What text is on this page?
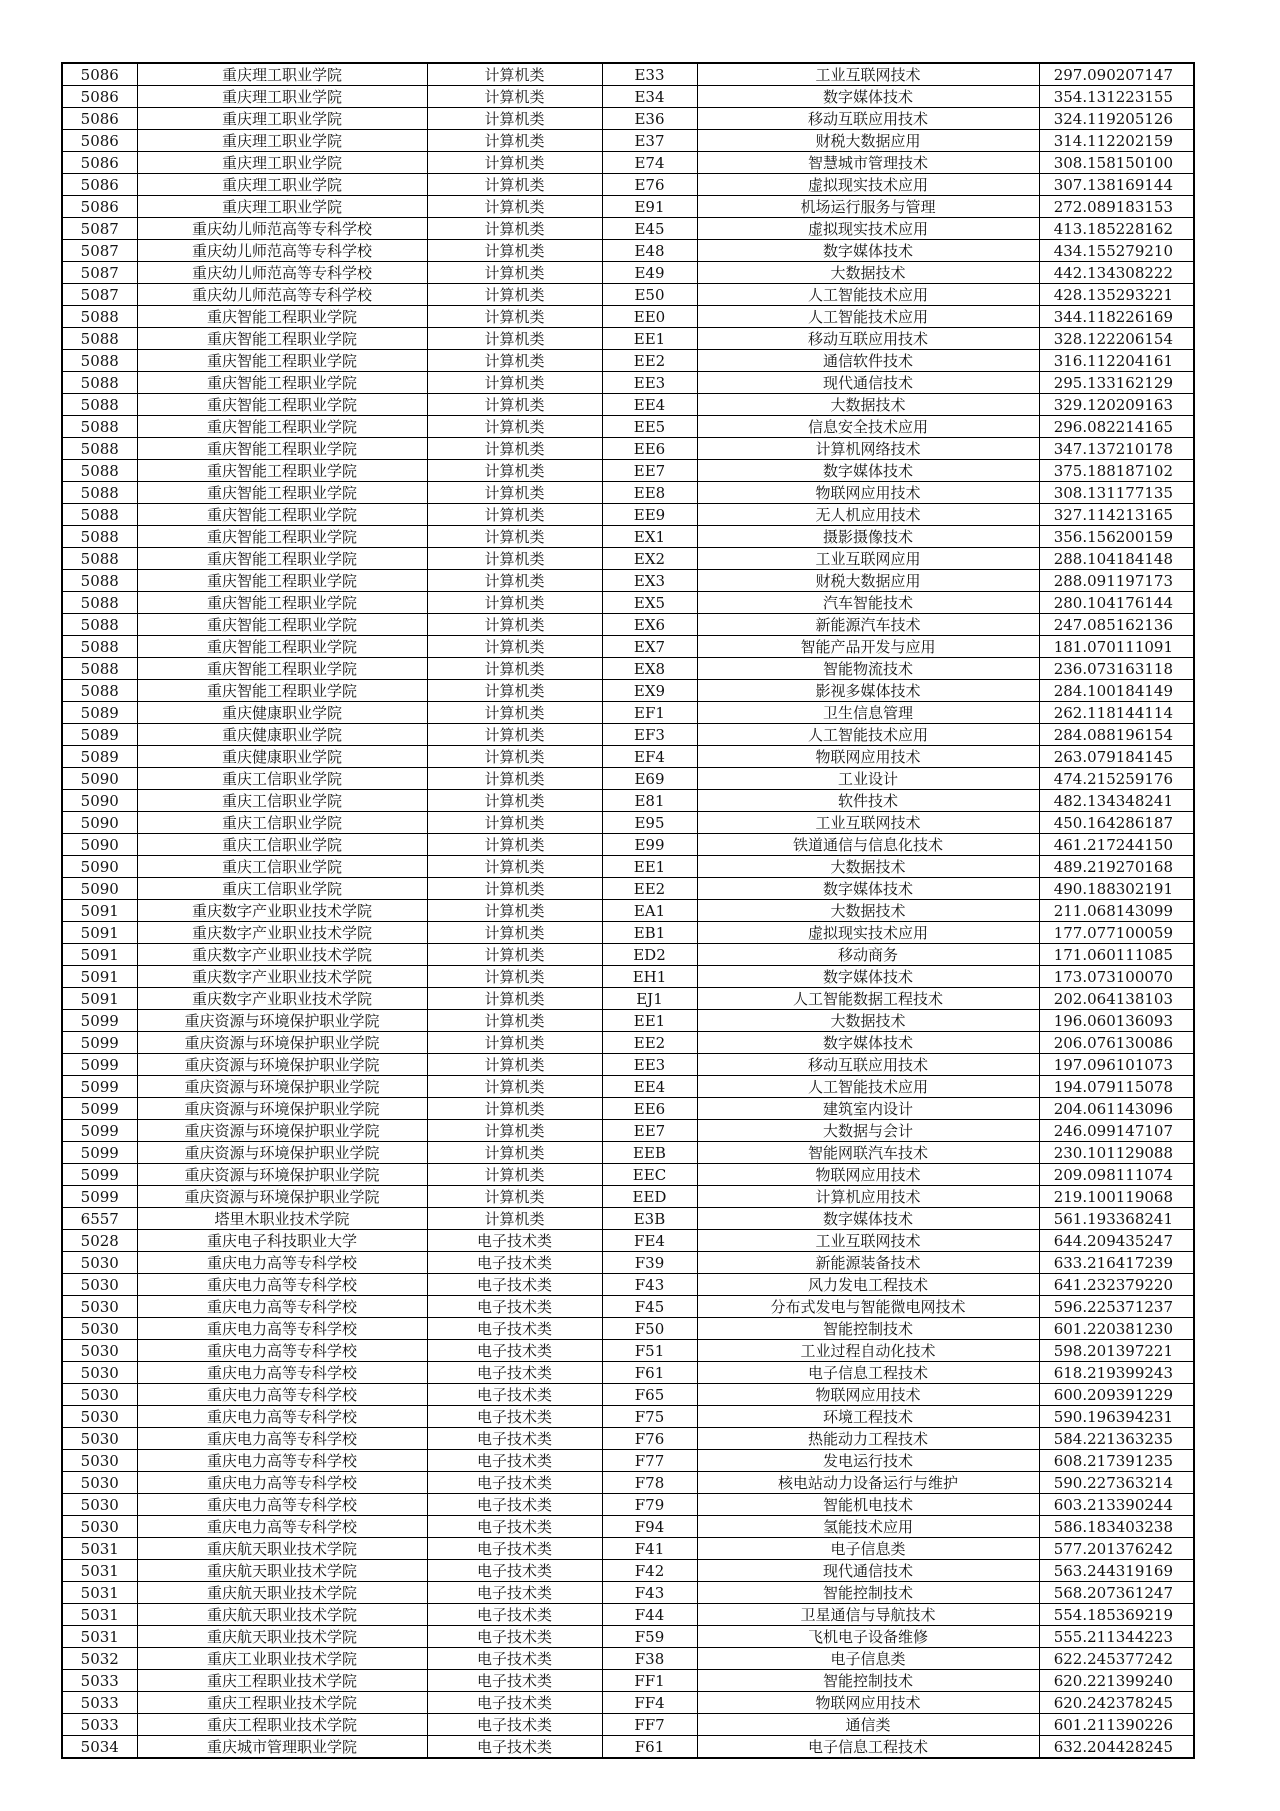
5086	重庆理工职业学院	计算机类	E33	工业互联网技术	297.090207147
5086	重庆理工职业学院	计算机类	E34	数字媒体技术	354.131223155
5086	重庆理工职业学院	计算机类	E36	移动互联应用技术	324.119205126
5086	重庆理工职业学院	计算机类	E37	财税大数据应用	314.112202159
5086	重庆理工职业学院	计算机类	E74	智慧城市管理技术	308.158150100
5086	重庆理工职业学院	计算机类	E76	虚拟现实技术应用	307.138169144
5086	重庆理工职业学院	计算机类	E91	机场运行服务与管理	272.089183153
5087	重庆幼儿师范高等专科学校	计算机类	E45	虚拟现实技术应用	413.185228162
5087	重庆幼儿师范高等专科学校	计算机类	E48	数字媒体技术	434.155279210
5087	重庆幼儿师范高等专科学校	计算机类	E49	大数据技术	442.134308222
5087	重庆幼儿师范高等专科学校	计算机类	E50	人工智能技术应用	428.135293221
5088	重庆智能工程职业学院	计算机类	EE0	人工智能技术应用	344.118226169
5088	重庆智能工程职业学院	计算机类	EE1	移动互联应用技术	328.122206154
5088	重庆智能工程职业学院	计算机类	EE2	通信软件技术	316.112204161
5088	重庆智能工程职业学院	计算机类	EE3	现代通信技术	295.133162129
5088	重庆智能工程职业学院	计算机类	EE4	大数据技术	329.120209163
5088	重庆智能工程职业学院	计算机类	EE5	信息安全技术应用	296.082214165
5088	重庆智能工程职业学院	计算机类	EE6	计算机网络技术	347.137210178
5088	重庆智能工程职业学院	计算机类	EE7	数字媒体技术	375.188187102
5088	重庆智能工程职业学院	计算机类	EE8	物联网应用技术	308.131177135
5088	重庆智能工程职业学院	计算机类	EE9	无人机应用技术	327.114213165
5088	重庆智能工程职业学院	计算机类	EX1	摄影摄像技术	356.156200159
5088	重庆智能工程职业学院	计算机类	EX2	工业互联网应用	288.104184148
5088	重庆智能工程职业学院	计算机类	EX3	财税大数据应用	288.091197173
5088	重庆智能工程职业学院	计算机类	EX5	汽车智能技术	280.104176144
5088	重庆智能工程职业学院	计算机类	EX6	新能源汽车技术	247.085162136
5088	重庆智能工程职业学院	计算机类	EX7	智能产品开发与应用	181.070111091
5088	重庆智能工程职业学院	计算机类	EX8	智能物流技术	236.073163118
5088	重庆智能工程职业学院	计算机类	EX9	影视多媒体技术	284.100184149
5089	重庆健康职业学院	计算机类	EF1	卫生信息管理	262.118144114
5089	重庆健康职业学院	计算机类	EF3	人工智能技术应用	284.088196154
5089	重庆健康职业学院	计算机类	EF4	物联网应用技术	263.079184145
5090	重庆工信职业学院	计算机类	E69	工业设计	474.215259176
5090	重庆工信职业学院	计算机类	E81	软件技术	482.134348241
5090	重庆工信职业学院	计算机类	E95	工业互联网技术	450.164286187
5090	重庆工信职业学院	计算机类	E99	铁道通信与信息化技术	461.217244150
5090	重庆工信职业学院	计算机类	EE1	大数据技术	489.219270168
5090	重庆工信职业学院	计算机类	EE2	数字媒体技术	490.188302191
5091	重庆数字产业职业技术学院	计算机类	EA1	大数据技术	211.068143099
5091	重庆数字产业职业技术学院	计算机类	EB1	虚拟现实技术应用	177.077100059
5091	重庆数字产业职业技术学院	计算机类	ED2	移动商务	171.060111085
5091	重庆数字产业职业技术学院	计算机类	EH1	数字媒体技术	173.073100070
5091	重庆数字产业职业技术学院	计算机类	EJ1	人工智能数据工程技术	202.064138103
5099	重庆资源与环境保护职业学院	计算机类	EE1	大数据技术	196.060136093
5099	重庆资源与环境保护职业学院	计算机类	EE2	数字媒体技术	206.076130086
5099	重庆资源与环境保护职业学院	计算机类	EE3	移动互联应用技术	197.096101073
5099	重庆资源与环境保护职业学院	计算机类	EE4	人工智能技术应用	194.079115078
5099	重庆资源与环境保护职业学院	计算机类	EE6	建筑室内设计	204.061143096
5099	重庆资源与环境保护职业学院	计算机类	EE7	大数据与会计	246.099147107
5099	重庆资源与环境保护职业学院	计算机类	EEB	智能网联汽车技术	230.101129088
5099	重庆资源与环境保护职业学院	计算机类	EEC	物联网应用技术	209.098111074
5099	重庆资源与环境保护职业学院	计算机类	EED	计算机应用技术	219.100119068
6557	塔里木职业技术学院	计算机类	E3B	数字媒体技术	561.193368241
5028	重庆电子科技职业大学	电子技术类	FE4	工业互联网技术	644.209435247
5030	重庆电力高等专科学校	电子技术类	F39	新能源装备技术	633.216417239
5030	重庆电力高等专科学校	电子技术类	F43	风力发电工程技术	641.232379220
5030	重庆电力高等专科学校	电子技术类	F45	分布式发电与智能微电网技术	596.225371237
5030	重庆电力高等专科学校	电子技术类	F50	智能控制技术	601.220381230
5030	重庆电力高等专科学校	电子技术类	F51	工业过程自动化技术	598.201397221
5030	重庆电力高等专科学校	电子技术类	F61	电子信息工程技术	618.219399243
5030	重庆电力高等专科学校	电子技术类	F65	物联网应用技术	600.209391229
5030	重庆电力高等专科学校	电子技术类	F75	环境工程技术	590.196394231
5030	重庆电力高等专科学校	电子技术类	F76	热能动力工程技术	584.221363235
5030	重庆电力高等专科学校	电子技术类	F77	发电运行技术	608.217391235
5030	重庆电力高等专科学校	电子技术类	F78	核电站动力设备运行与维护	590.227363214
5030	重庆电力高等专科学校	电子技术类	F79	智能机电技术	603.213390244
5030	重庆电力高等专科学校	电子技术类	F94	氢能技术应用	586.183403238
5031	重庆航天职业技术学院	电子技术类	F41	电子信息类	577.201376242
5031	重庆航天职业技术学院	电子技术类	F42	现代通信技术	563.244319169
5031	重庆航天职业技术学院	电子技术类	F43	智能控制技术	568.207361247
5031	重庆航天职业技术学院	电子技术类	F44	卫星通信与导航技术	554.185369219
5031	重庆航天职业技术学院	电子技术类	F59	飞机电子设备维修	555.211344223
5032	重庆工业职业技术学院	电子技术类	F38	电子信息类	622.245377242
5033	重庆工程职业技术学院	电子技术类	FF1	智能控制技术	620.221399240
5033	重庆工程职业技术学院	电子技术类	FF4	物联网应用技术	620.242378245
5033	重庆工程职业技术学院	电子技术类	FF7	通信类	601.211390226
5034	重庆城市管理职业学院	电子技术类	F61	电子信息工程技术	632.204428245
